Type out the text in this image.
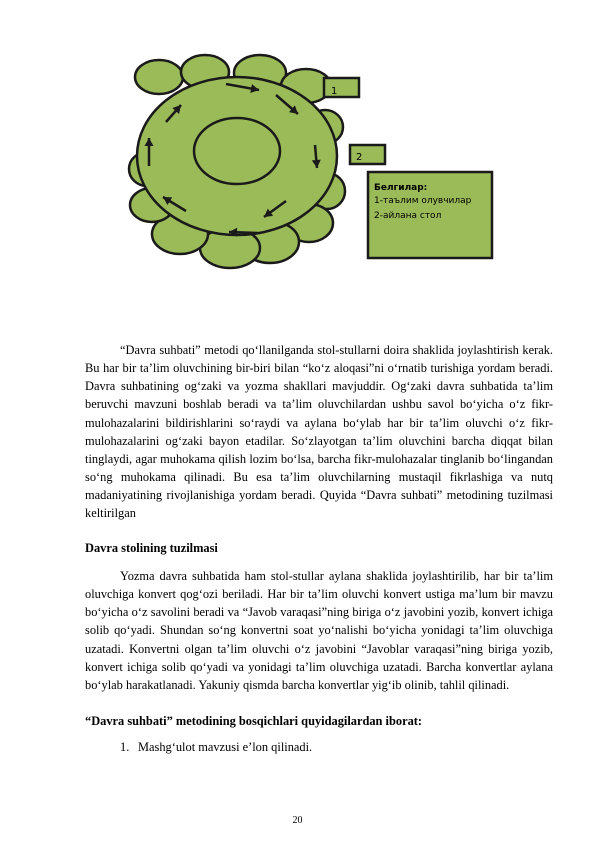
1
2
Белгилар:
1-таълим олувчилар
2-айлана стол

“Davra suhbati” metodi qo‘llanilganda stol-stullarni doira shaklida joylashtirish kerak. Bu har bir ta’lim oluvchining bir-biri bilan “ko‘z aloqasi”ni o‘rnatib turishiga yordam beradi. Davra suhbatining og‘zaki va yozma shakllari mavjuddir. Og‘zaki davra suhbatida ta’lim beruvchi mavzuni boshlab beradi va ta’lim oluvchilardan ushbu savol bo‘yicha o‘z fikr-mulohazalarini bildirishlarini so‘raydi va aylana bo‘ylab har bir ta’lim oluvchi o‘z fikr-mulohazalarini og‘zaki bayon etadilar. So‘zlayotgan ta’lim oluvchini barcha diqqat bilan tinglaydi, agar muhokama qilish lozim bo‘lsa, barcha fikr-mulohazalar tinglanib bo‘lingandan so‘ng muhokama qilinadi. Bu esa ta’lim oluvchilarning mustaqil fikrlashiga va nutq madaniyatining rivojlanishiga yordam beradi. Quyida “Davra suhbati” metodining tuzilmasi keltirilgan

Davra stolining tuzilmasi

Yozma davra suhbatida ham stol-stullar aylana shaklida joylashtirilib, har bir ta’lim oluvchiga konvert qog‘ozi beriladi. Har bir ta’lim oluvchi konvert ustiga ma’lum bir mavzu bo‘yicha o‘z savolini beradi va “Javob varaqasi”ning biriga o‘z javobini yozib, konvert ichiga solib qo‘yadi. Shundan so‘ng konvertni soat yo‘nalishi bo‘yicha yonidagi ta’lim oluvchiga uzatadi. Konvertni olgan ta’lim oluvchi o‘z javobini “Javoblar varaqasi”ning biriga yozib, konvert ichiga solib qo‘yadi va yonidagi ta’lim oluvchiga uzatadi. Barcha konvertlar aylana bo‘ylab harakatlanadi. Yakuniy qismda barcha konvertlar yig‘ib olinib, tahlil qilinadi.

“Davra suhbati” metodining bosqichlari quyidagilardan iborat:

1. Mashg‘ulot mavzusi e’lon qilinadi.

20
